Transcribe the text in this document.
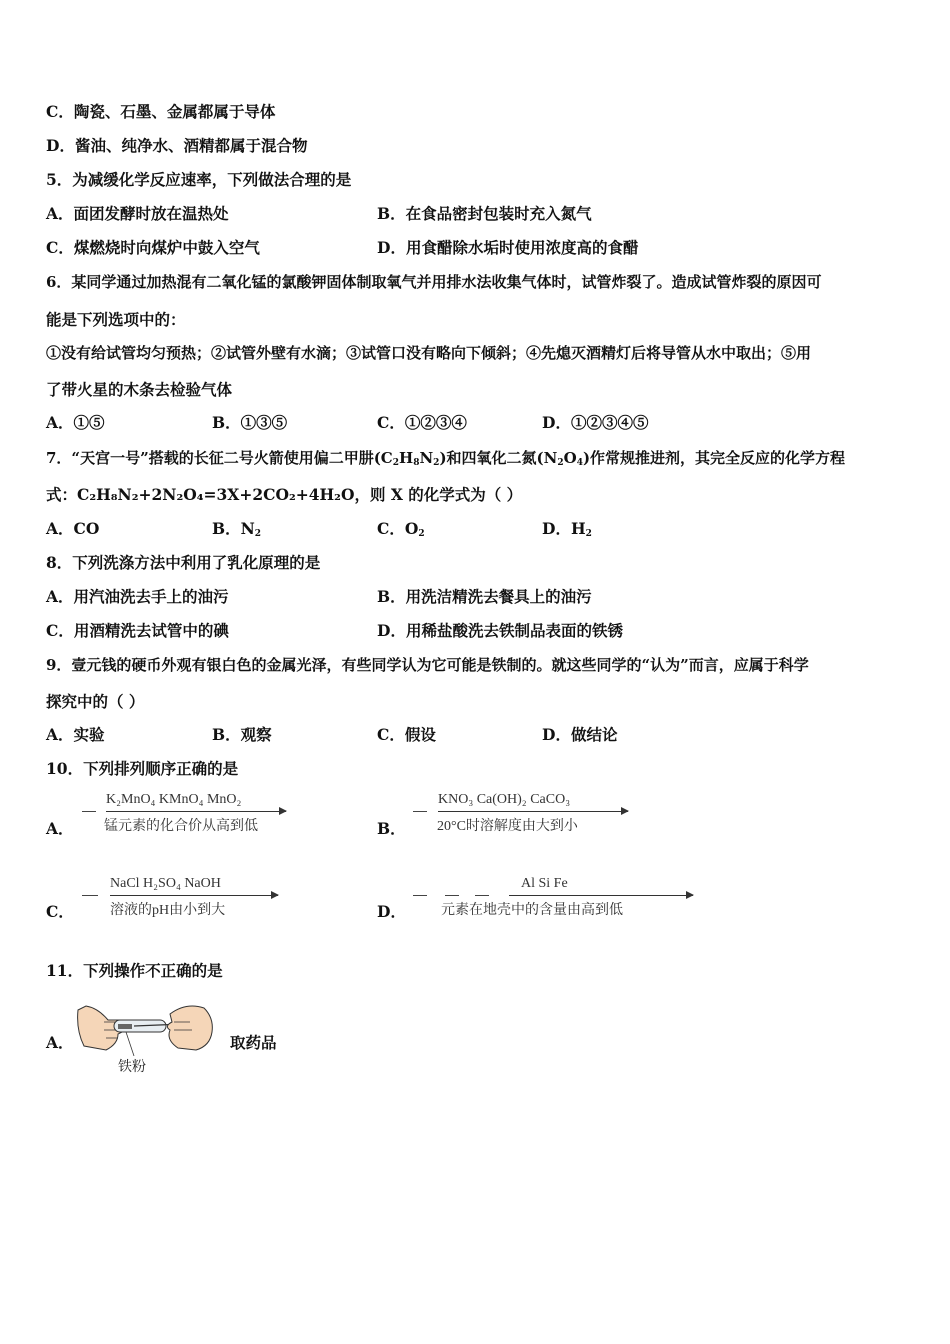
C．陶瓷、石墨、金属都属于导体
D．酱油、纯净水、酒精都属于混合物
5．为减缓化学反应速率，下列做法合理的是
A．面团发酵时放在温热处	B．在食品密封包装时充入氮气
C．煤燃烧时向煤炉中鼓入空气	D．用食醋除水垢时使用浓度高的食醋
6．某同学通过加热混有二氧化锰的氯酸钾固体制取氧气并用排水法收集气体时，试管炸裂了。造成试管炸裂的原因可
能是下列选项中的：
①没有给试管均匀预热；②试管外壁有水滴；③试管口没有略向下倾斜；④先熄灭酒精灯后将导管从水中取出；⑤用
了带火星的木条去检验气体
A．①⑤	B．①③⑤	C．①②③④	D．①②③④⑤
7．“天宫一号”搭载的长征二号火箭使用偏二甲肼$(C_2H_8N_2)$和四氧化二氮$(N_2O_4)$作常规推进剂，其完全反应的化学方程
式：C₂H₈N₂+2N₂O₄=3X+2CO₂+4H₂O，则 X 的化学式为（ ）
A．CO	B．$N_2$	C．$O_2$	D．$H_2$
8．下列洗涤方法中利用了乳化原理的是
A．用汽油洗去手上的油污	B．用洗洁精洗去餐具上的油污
C．用酒精洗去试管中的碘	D．用稀盐酸洗去铁制品表面的铁锈
9．壹元钱的硬币外观有银白色的金属光泽，有些同学认为它可能是铁制的。就这些同学的“认为”而言，应属于科学
探究中的（ ）
A．实验	B．观察	C．假设	D．做结论
10．下列排列顺序正确的是
A．
K₂MnO₄ KMnO₄ MnO₂
锰元素的化合价从高到低	B．
KNO₃ Ca(OH)₂ CaCO₃
20°C时溶解度由大到小
C．
NaCl H₂SO₄ NaOH
溶液的pH由小到大	D．
Al Si Fe
元素在地壳中的含量由高到低
11．下列操作不正确的是
A．
铁粉
取药品
